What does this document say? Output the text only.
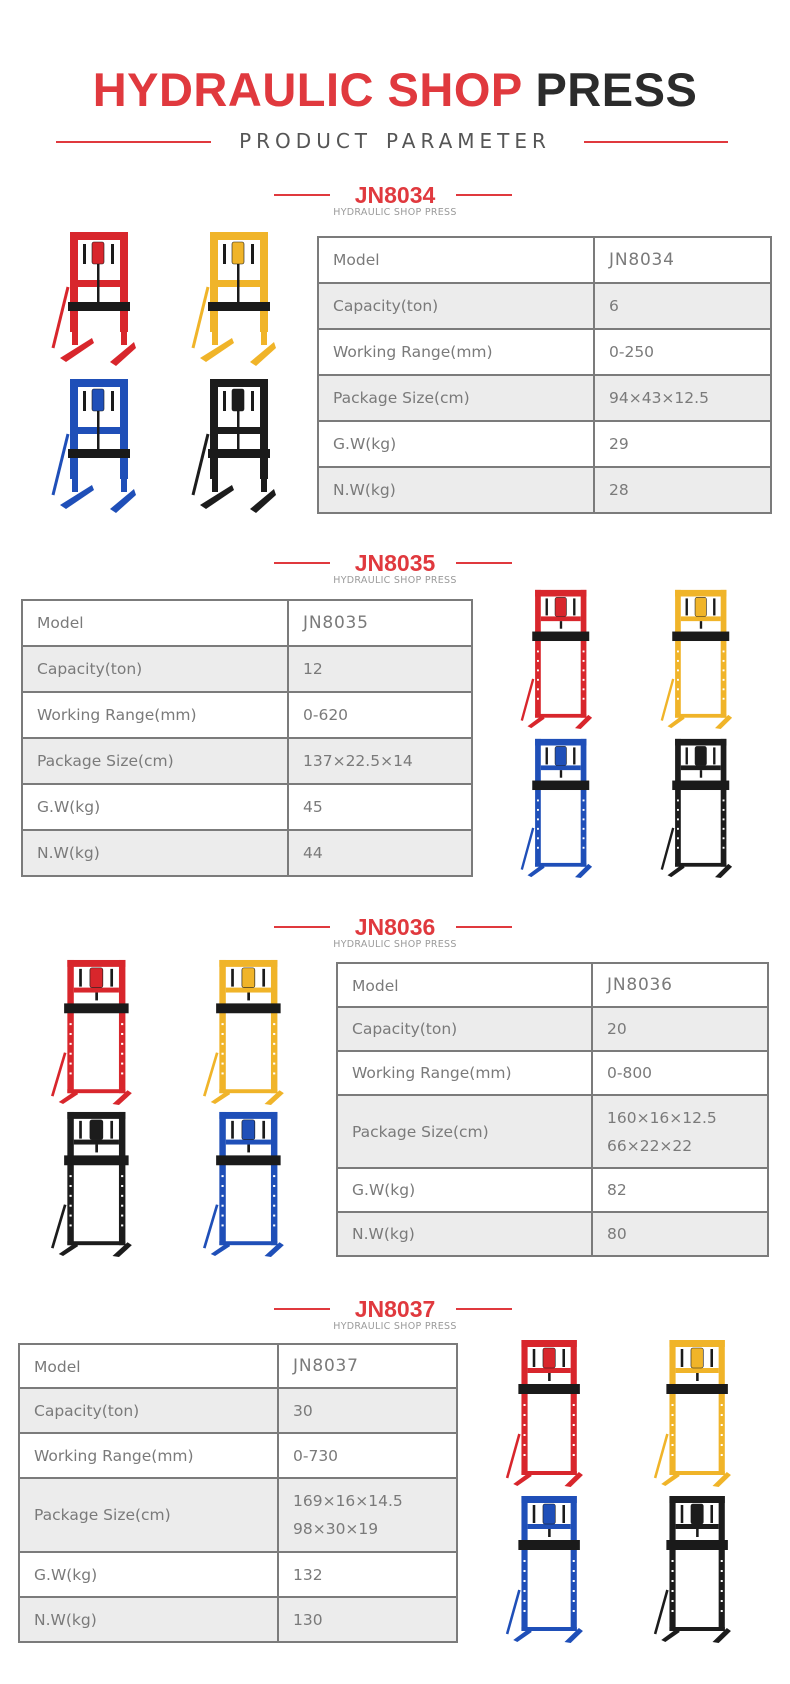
HYDRAULIC SHOP PRESS
PRODUCT PARAMETER
JN8034
HYDRAULIC SHOP PRESS
Model	JN8034
Capacity(ton)	6
Working Range(mm)	0-250
Package Size(cm)	94×43×12.5
G.W(kg)	29
N.W(kg)	28
JN8035
HYDRAULIC SHOP PRESS
Model	JN8035
Capacity(ton)	12
Working Range(mm)	0-620
Package Size(cm)	137×22.5×14
G.W(kg)	45
N.W(kg)	44
JN8036
HYDRAULIC SHOP PRESS
Model	JN8036
Capacity(ton)	20
Working Range(mm)	0-800
Package Size(cm)	160×16×12.5
66×22×22

G.W(kg)	82
N.W(kg)	80
JN8037
HYDRAULIC SHOP PRESS
Model	JN8037
Capacity(ton)	30
Working Range(mm)	0-730
Package Size(cm)	169×16×14.5
98×30×19

G.W(kg)	132
N.W(kg)	130
